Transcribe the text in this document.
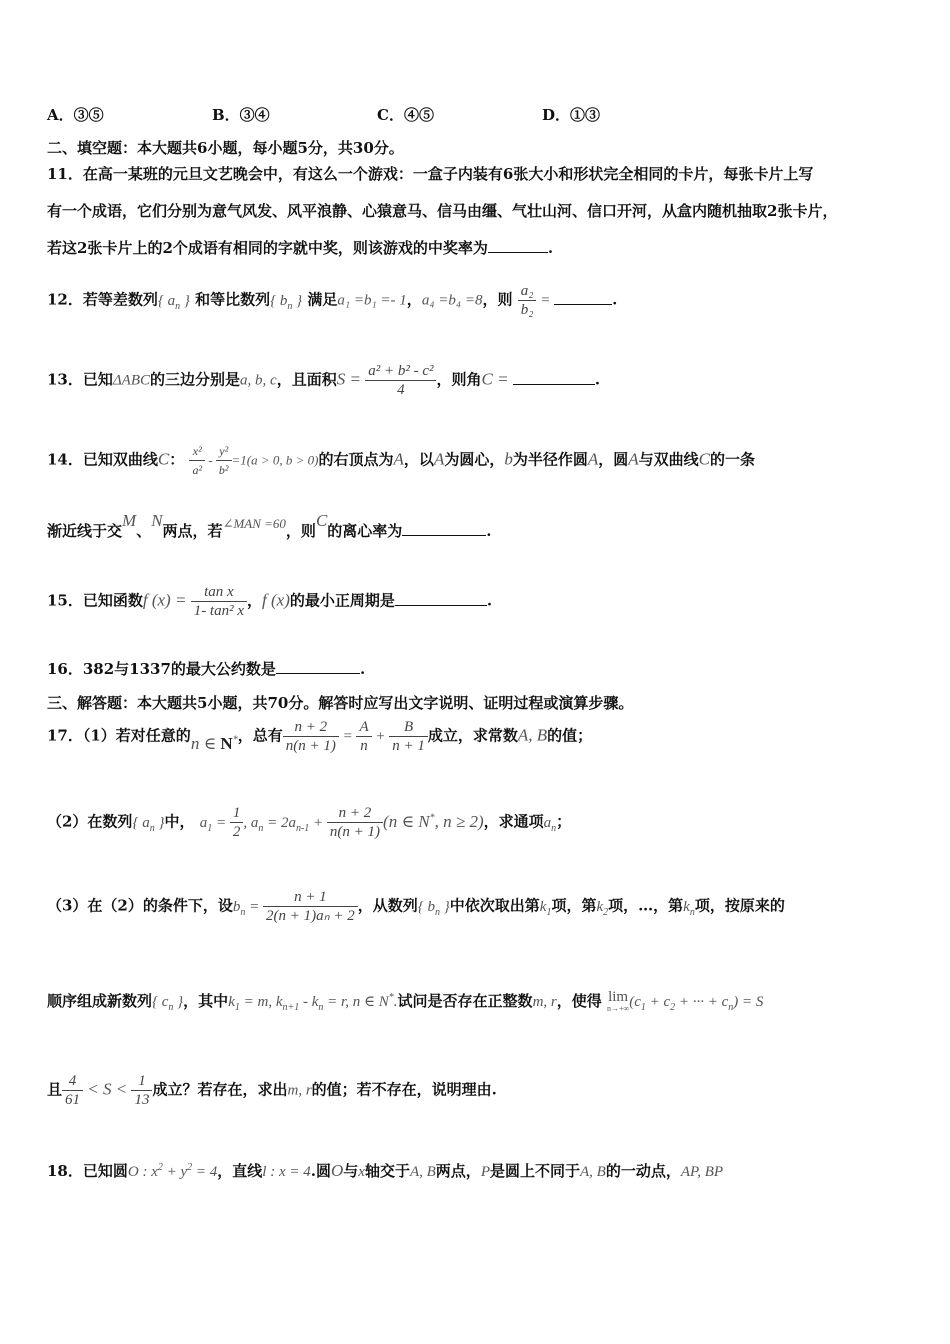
A．③⑤	B．③④	C．④⑤	D．①③
二、填空题：本大题共6小题，每小题5分，共30分。
11．在高一某班的元旦文艺晚会中，有这么一个游戏：一盒子内装有6张大小和形状完全相同的卡片，每张卡片上写
有一个成语，它们分别为意气风发、风平浪静、心猿意马、信马由缰、气壮山河、信口开河，从盒内随机抽取2张卡片，
若这2张卡片上的2个成语有相同的字就中奖，则该游戏的中奖率为	.
12．若等差数列{ $a_n$ } 和等比数列{ $b_n$ } 满足a₁ =b₁ =- 1，a₄ =b₄ =8，则 $\frac{\text{a₂}}{\text{b₂}}$ =	.
13．已知ΔABC的三边分别是a, b, c，且面积$S = \frac{\text{a² + b² - c²}}{4}$ ，则角C =	.
14．已知双曲线C： $\frac{\text{x²}}{\text{a²}} - \frac{\text{y²}}{\text{b²}} =1(a > 0$, b > 0)的右顶点为A，以A为圆心，b为半径作圆A，圆A与双曲线C的一条
渐近线于交M、N两点，若∠MAN =60，则C的离心率为	.
15．已知函数f $(x) = \frac{\text{tan x}}{\text{1- tan² x}}$ ，f (x)的最小正周期是	.
16．382与1337的最大公约数是	.
三、解答题：本大题共5小题，共70分。解答时应写出文字说明、证明过程或演算步骤。
17．（1）若对任意的n ∈ N*，总有 $\frac{n + 2}{n(n + 1)} = \frac{A}{n} + \frac{B}{n + 1}$ 成立，求常数A, B的值；
（2）在数列{ $a_n$ }中， $a_1 = \frac{1}{2}$ , $a_n = 2a_{n-1} + \frac{n + 2}{n(n + 1)} (n$ ∈ N*, n ≥ 2)，求通项$a_n$；
（3）在（2）的条件下，设$b_n = \frac{n + 1}{\text{2(n + 1)aₙ + 2}}$ ，从数列{ $b_n$ }中依次取出第$k_1$项，第$k_2$项，…，第$k_n$项，按原来的
顺序组成新数列{ $c_n$ }，其中$k_1 = m$, $k_{n+1} - k_n = r$, n ∈ N*.试问是否存在正整数m, r，使得 lim
n→+∞ ($c_1 + c_2$ + ··· + $c_n) = S$
且 $\frac{4}{61} < S < \frac{1}{13}$ 成立？若存在，求出m, r的值；若不存在，说明理由.
18．已知圆O : $x^2 + y^2 = 4$，直线l : x = 4.圆O与x轴交于A, B两点，P是圆上不同于A, B的一动点，AP, BP
